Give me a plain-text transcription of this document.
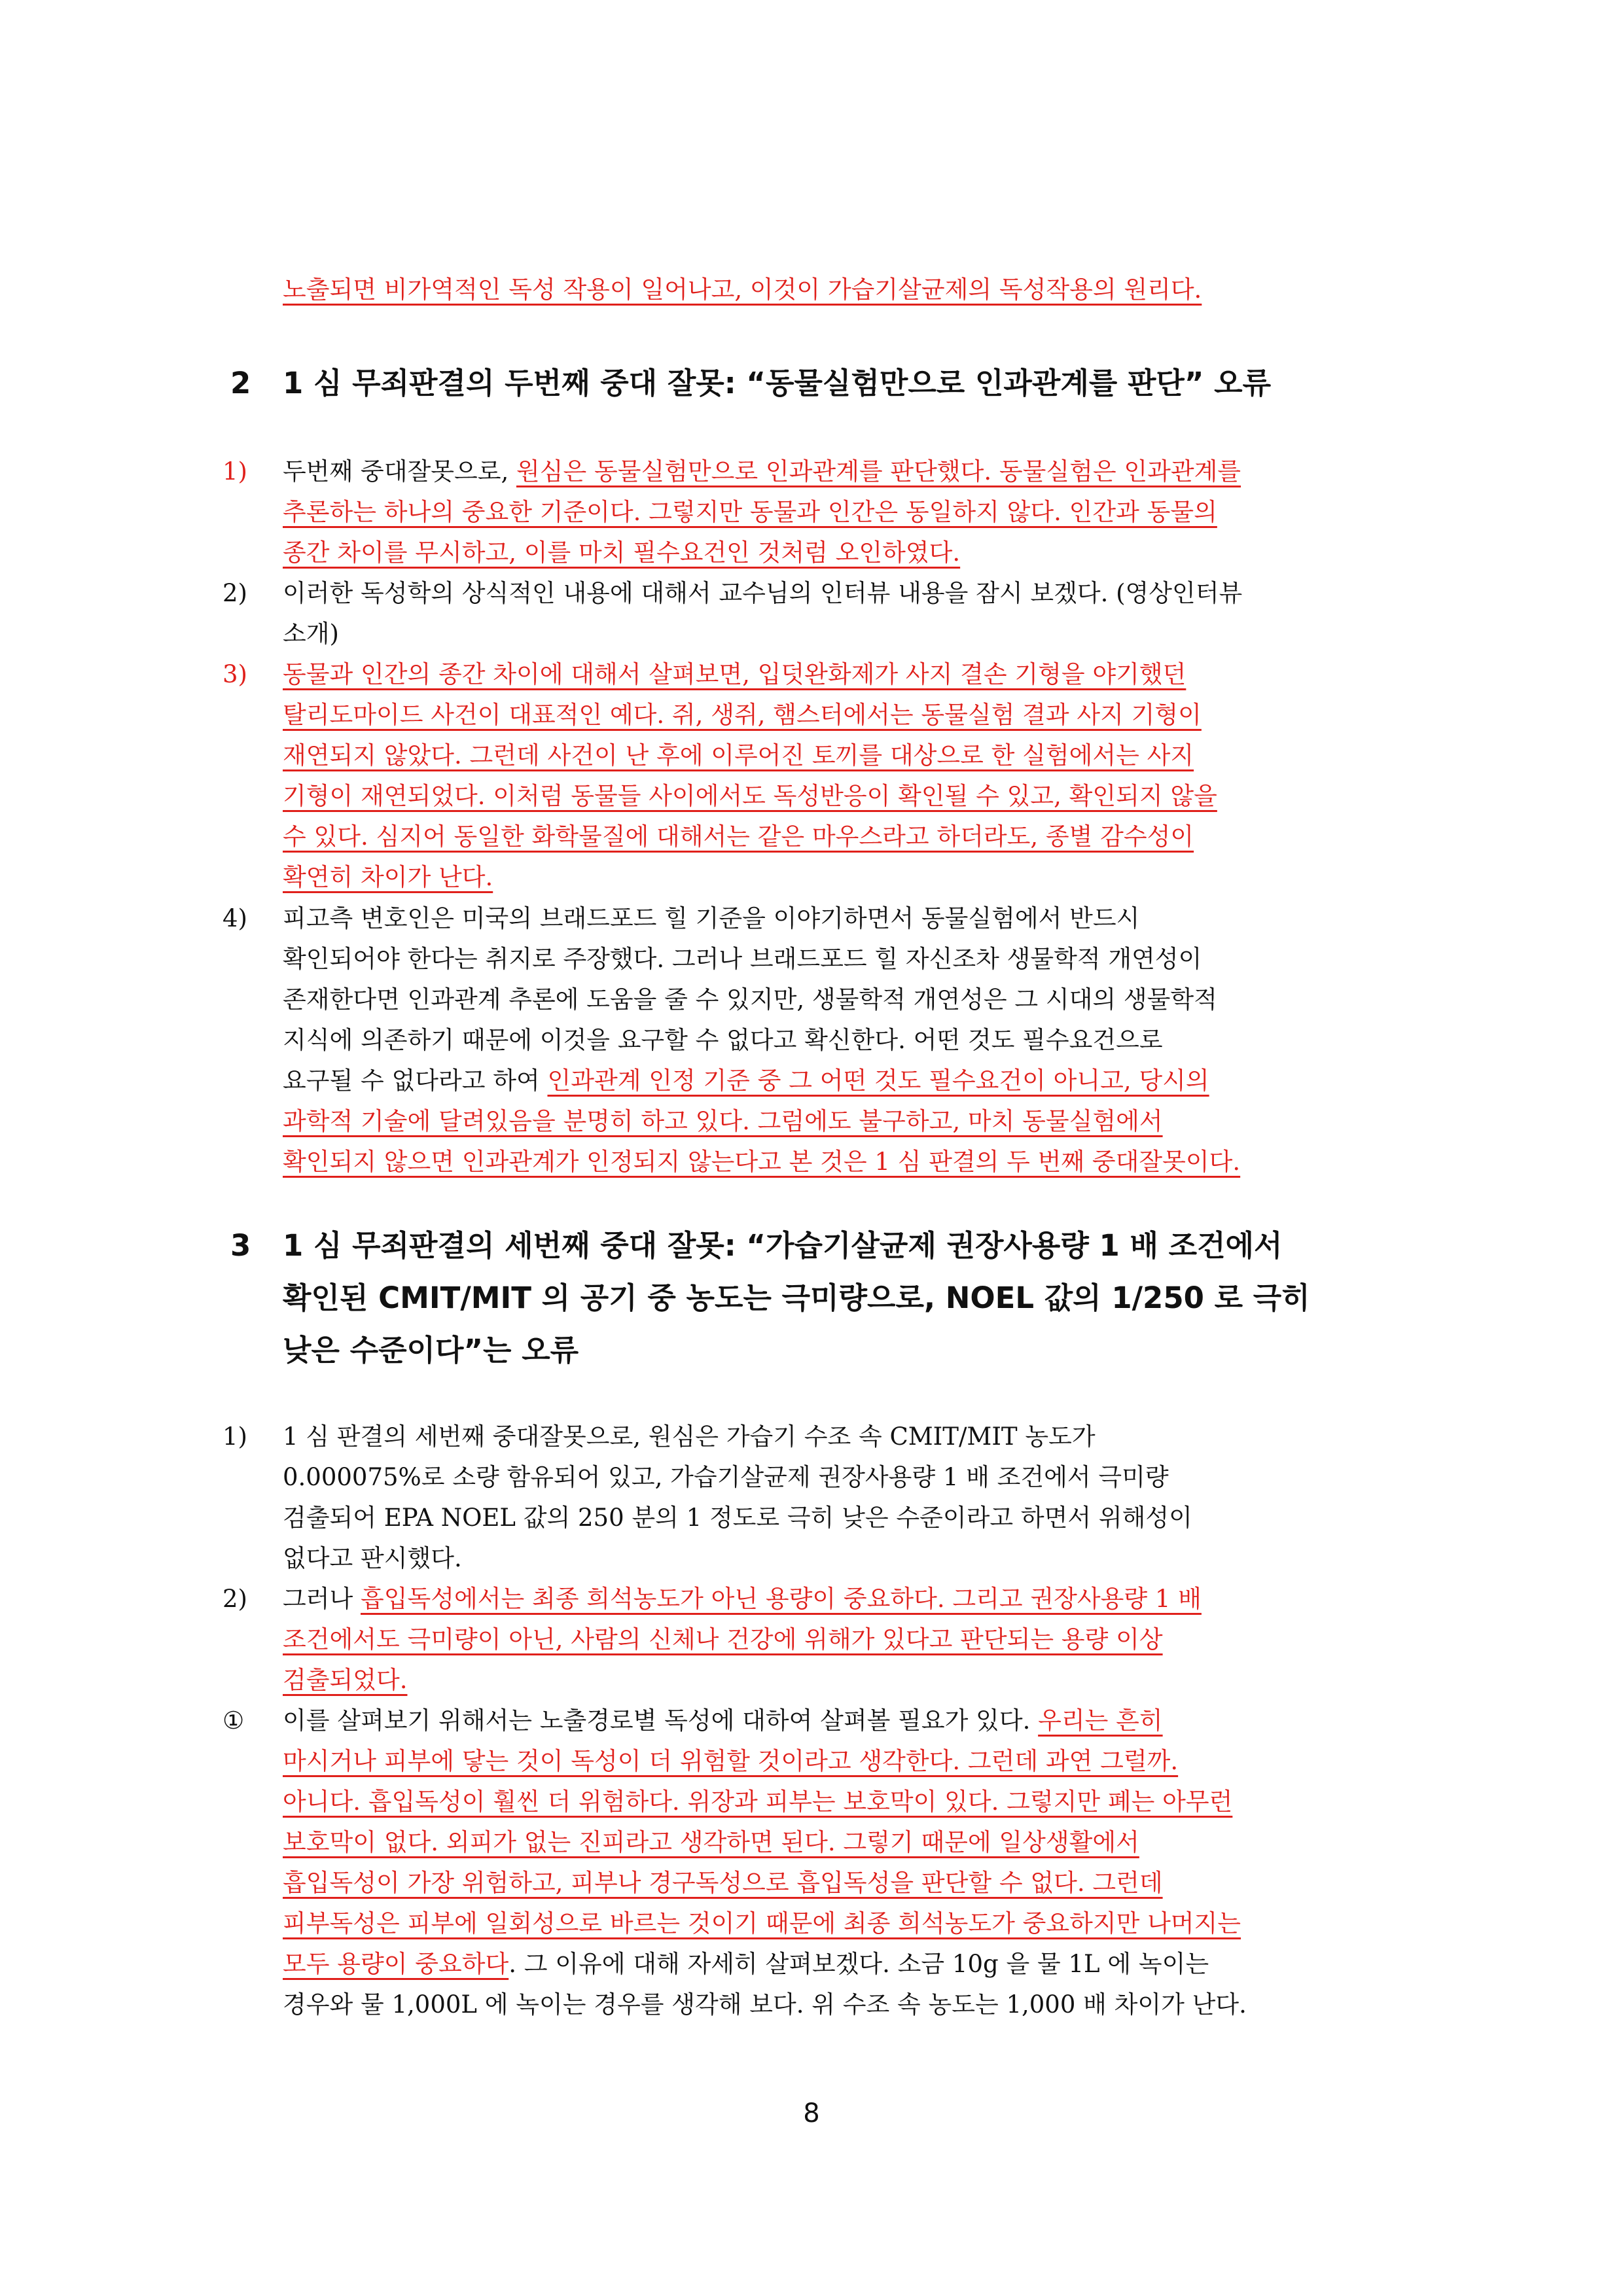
노출되면 비가역적인 독성 작용이 일어나고, 이것이 가습기살균제의 독성작용의 원리다.
2	1 심 무죄판결의 두번째 중대 잘못: “동물실험만으로 인과관계를 판단” 오류
1)	두번째 중대잘못으로, 원심은 동물실험만으로 인과관계를 판단했다. 동물실험은 인과관계를
추론하는 하나의 중요한 기준이다. 그렇지만 동물과 인간은 동일하지 않다. 인간과 동물의
종간 차이를 무시하고, 이를 마치 필수요건인 것처럼 오인하였다.
2)	이러한 독성학의 상식적인 내용에 대해서 교수님의 인터뷰 내용을 잠시 보겠다. (영상인터뷰
소개)
3)	동물과 인간의 종간 차이에 대해서 살펴보면, 입덧완화제가 사지 결손 기형을 야기했던
탈리도마이드 사건이 대표적인 예다. 쥐, 생쥐, 햄스터에서는 동물실험 결과 사지 기형이
재연되지 않았다. 그런데 사건이 난 후에 이루어진 토끼를 대상으로 한 실험에서는 사지
기형이 재연되었다. 이처럼 동물들 사이에서도 독성반응이 확인될 수 있고, 확인되지 않을
수 있다. 심지어 동일한 화학물질에 대해서는 같은 마우스라고 하더라도, 종별 감수성이
확연히 차이가 난다.
4)	피고측 변호인은 미국의 브래드포드 힐 기준을 이야기하면서 동물실험에서 반드시
확인되어야 한다는 취지로 주장했다. 그러나 브래드포드 힐 자신조차 생물학적 개연성이
존재한다면 인과관계 추론에 도움을 줄 수 있지만, 생물학적 개연성은 그 시대의 생물학적
지식에 의존하기 때문에 이것을 요구할 수 없다고 확신한다. 어떤 것도 필수요건으로
요구될 수 없다라고 하여 인과관계 인정 기준 중 그 어떤 것도 필수요건이 아니고, 당시의
과학적 기술에 달려있음을 분명히 하고 있다. 그럼에도 불구하고, 마치 동물실험에서
확인되지 않으면 인과관계가 인정되지 않는다고 본 것은 1 심 판결의 두 번째 중대잘못이다.
3	1 심 무죄판결의 세번째 중대 잘못: “가습기살균제 권장사용량 1 배 조건에서
확인된 CMIT/MIT 의 공기 중 농도는 극미량으로, NOEL 값의 1/250 로 극히
낮은 수준이다”는 오류
1)	1 심 판결의 세번째 중대잘못으로, 원심은 가습기 수조 속 CMIT/MIT 농도가
0.000075%로 소량 함유되어 있고, 가습기살균제 권장사용량 1 배 조건에서 극미량
검출되어 EPA NOEL 값의 250 분의 1 정도로 극히 낮은 수준이라고 하면서 위해성이
없다고 판시했다.
2)	그러나 흡입독성에서는 최종 희석농도가 아닌 용량이 중요하다. 그리고 권장사용량 1 배
조건에서도 극미량이 아닌, 사람의 신체나 건강에 위해가 있다고 판단되는 용량 이상
검출되었다.
①	이를 살펴보기 위해서는 노출경로별 독성에 대하여 살펴볼 필요가 있다. 우리는 흔히
마시거나 피부에 닿는 것이 독성이 더 위험할 것이라고 생각한다. 그런데 과연 그럴까.
아니다. 흡입독성이 훨씬 더 위험하다. 위장과 피부는 보호막이 있다. 그렇지만 폐는 아무런
보호막이 없다. 외피가 없는 진피라고 생각하면 된다. 그렇기 때문에 일상생활에서
흡입독성이 가장 위험하고, 피부나 경구독성으로 흡입독성을 판단할 수 없다. 그런데
피부독성은 피부에 일회성으로 바르는 것이기 때문에 최종 희석농도가 중요하지만 나머지는
모두 용량이 중요하다. 그 이유에 대해 자세히 살펴보겠다. 소금 10g 을 물 1L 에 녹이는
경우와 물 1,000L 에 녹이는 경우를 생각해 보다. 위 수조 속 농도는 1,000 배 차이가 난다.
8
